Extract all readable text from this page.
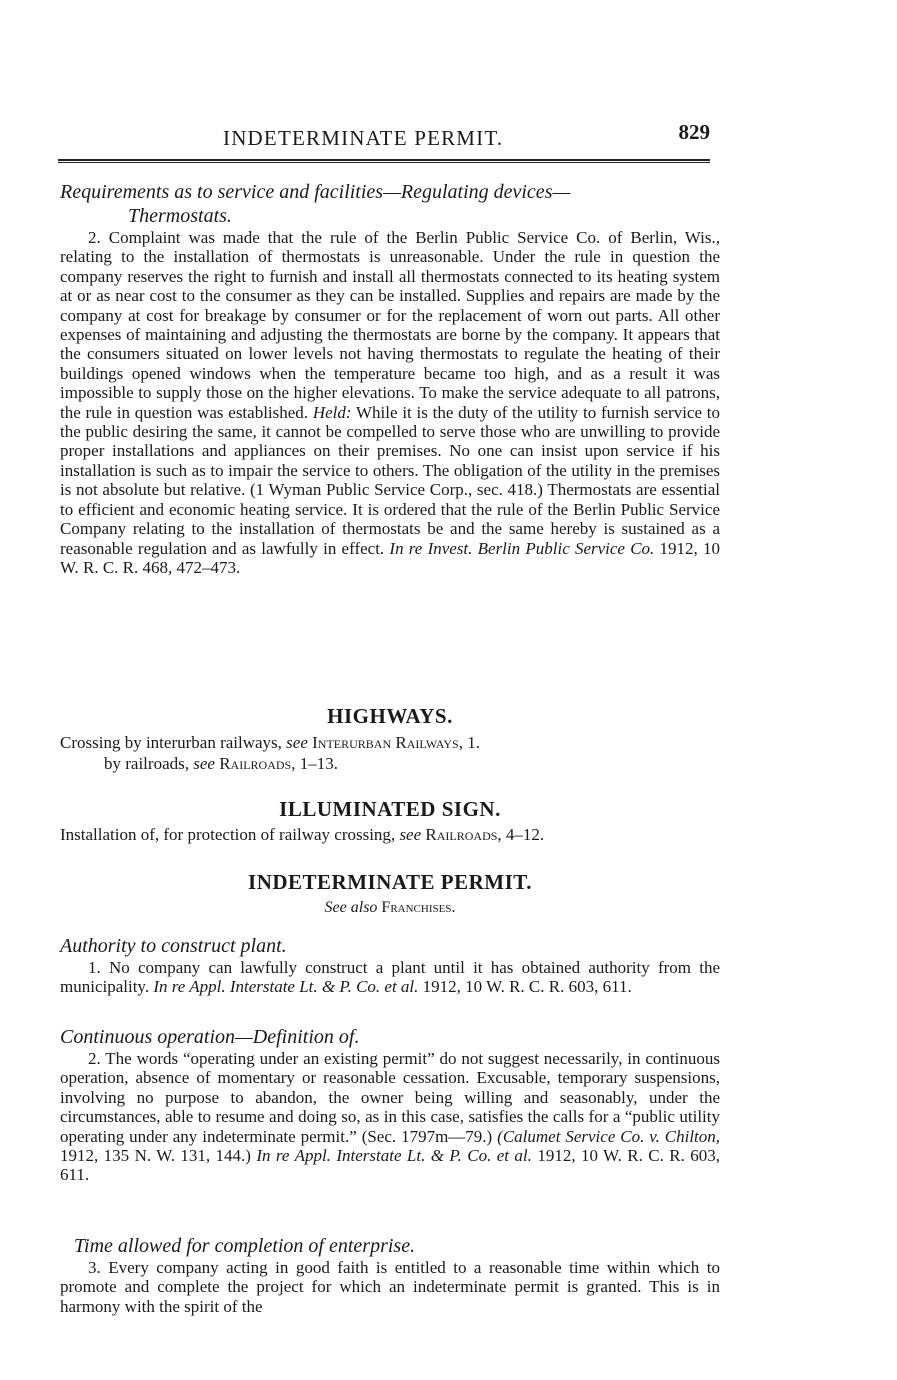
INDETERMINATE PERMIT.	829

Requirements as to service and facilities—Regulating devices—
Thermostats.

2. Complaint was made that the rule of the Berlin Public Service Co. of Berlin, Wis., relating to the installation of thermostats is unreasonable. Under the rule in question the company reserves the right to furnish and install all thermostats connected to its heating system at or as near cost to the consumer as they can be installed. Supplies and repairs are made by the company at cost for breakage by consumer or for the replacement of worn out parts. All other expenses of maintaining and adjusting the thermostats are borne by the company. It appears that the consumers situated on lower levels not having thermostats to regulate the heating of their buildings opened windows when the temperature became too high, and as a result it was impossible to supply those on the higher elevations. To make the service adequate to all patrons, the rule in question was established. Held: While it is the duty of the utility to furnish service to the public desiring the same, it cannot be compelled to serve those who are unwilling to provide proper installations and appliances on their premises. No one can insist upon service if his installation is such as to impair the service to others. The obligation of the utility in the premises is not absolute but relative. (1 Wyman Public Service Corp., sec. 418.) Thermostats are essential to efficient and economic heating service. It is ordered that the rule of the Berlin Public Service Company relating to the installation of thermostats be and the same hereby is sustained as a reasonable regulation and as lawfully in effect. In re Invest. Berlin Public Service Co. 1912, 10 W. R. C. R. 468, 472–473.

HIGHWAYS.

Crossing by interurban railways, see Interurban Railways, 1.

by railroads, see Railroads, 1–13.

ILLUMINATED SIGN.

Installation of, for protection of railway crossing, see Railroads, 4–12.

INDETERMINATE PERMIT.

See also Franchises.

Authority to construct plant.

1. No company can lawfully construct a plant until it has obtained authority from the municipality. In re Appl. Interstate Lt. & P. Co. et al. 1912, 10 W. R. C. R. 603, 611.

Continuous operation—Definition of.

2. The words “operating under an existing permit” do not suggest necessarily, in continuous operation, absence of momentary or reasonable cessation. Excusable, temporary suspensions, involving no purpose to abandon, the owner being willing and seasonably, under the circumstances, able to resume and doing so, as in this case, satisfies the calls for a “public utility operating under any indeterminate permit.” (Sec. 1797m—79.) (Calumet Service Co. v. Chilton, 1912, 135 N. W. 131, 144.) In re Appl. Interstate Lt. & P. Co. et al. 1912, 10 W. R. C. R. 603, 611.

Time allowed for completion of enterprise.

3. Every company acting in good faith is entitled to a reasonable time within which to promote and complete the project for which an indeterminate permit is granted. This is in harmony with the spirit of the
